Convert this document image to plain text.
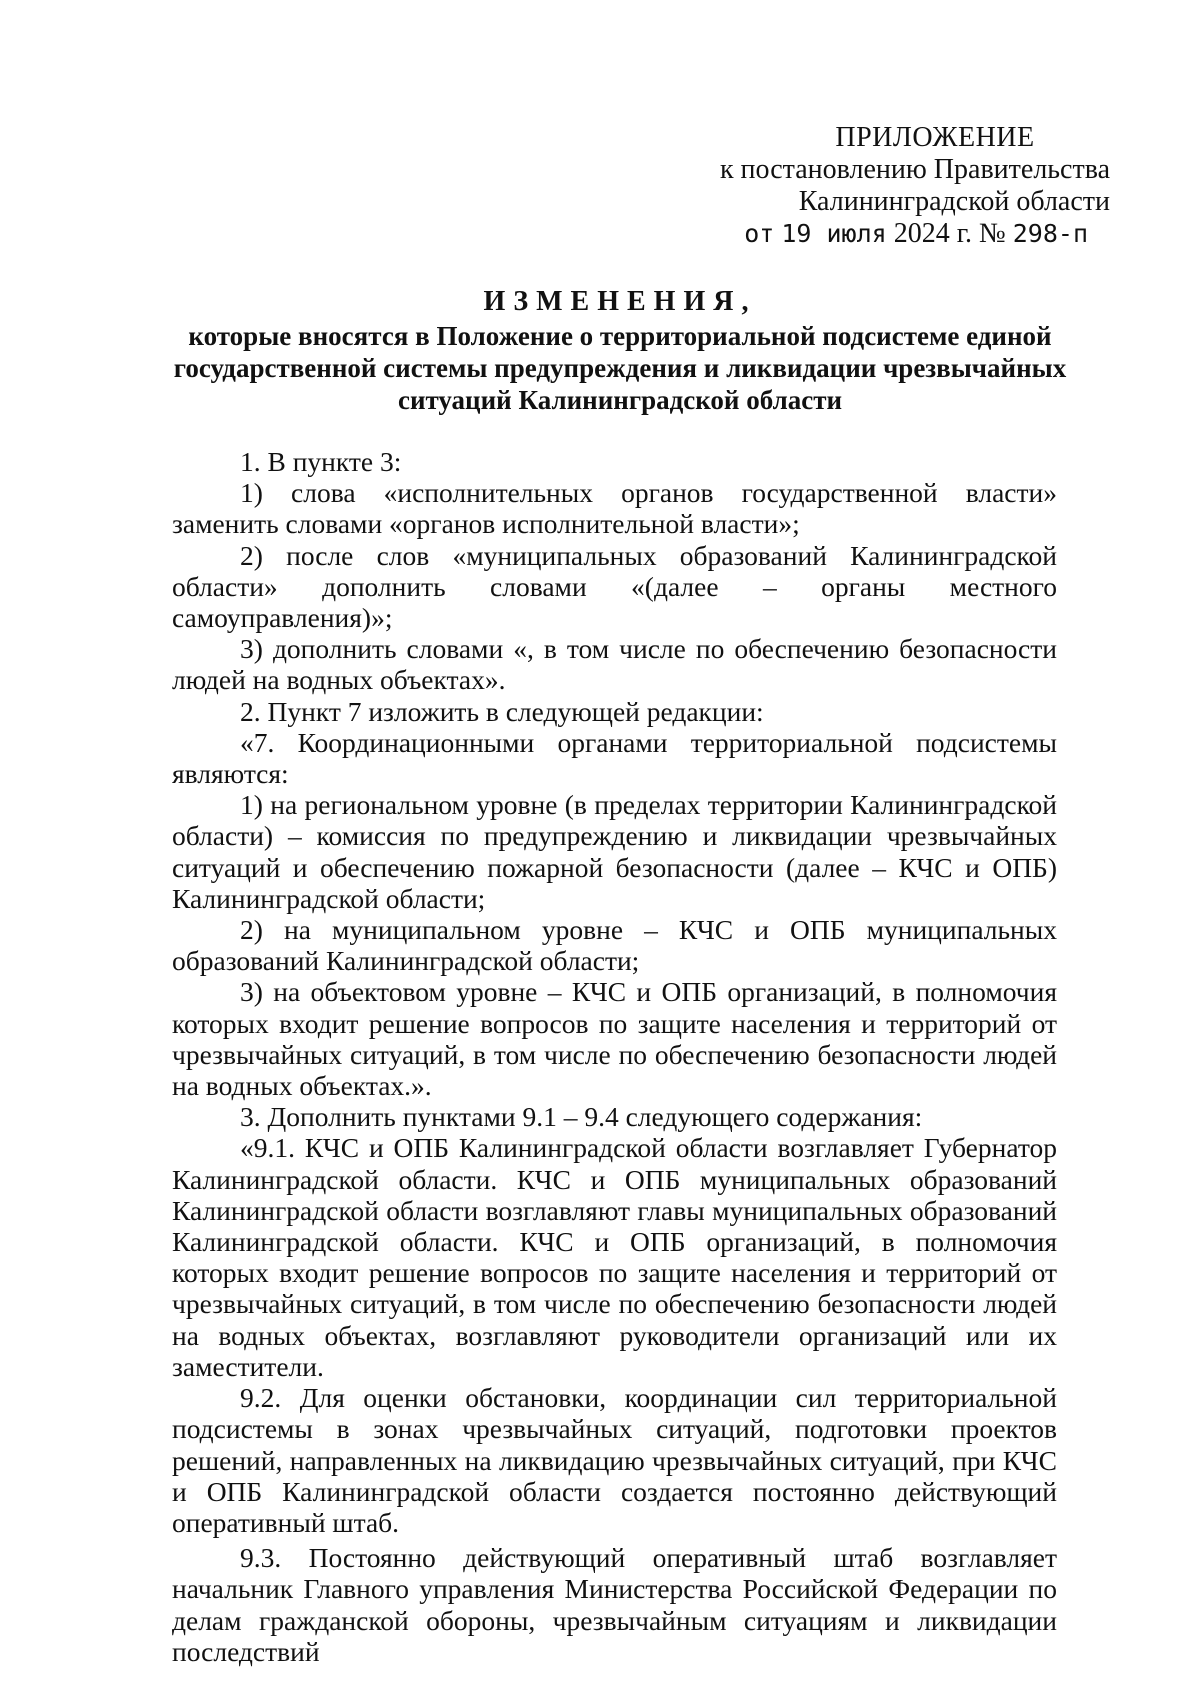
ПРИЛОЖЕНИЕ
к постановлению Правительства
Калининградской области
от 19 июля 2024 г. № 298-п
ИЗМЕНЕНИЯ,
которые вносятся в Положение о территориальной подсистеме единой государственной системы предупреждения и ликвидации чрезвычайных ситуаций Калининградской области

1. В пункте 3:

1) слова «исполнительных органов государственной власти» заменить словами «органов исполнительной власти»;

2) после слов «муниципальных образований Калининградской области» дополнить словами «(далее – органы местного самоуправления)»;

3) дополнить словами «, в том числе по обеспечению безопасности людей на водных объектах».

2. Пункт 7 изложить в следующей редакции:

«7. Координационными органами территориальной подсистемы являются:

1) на региональном уровне (в пределах территории Калининградской области) – комиссия по предупреждению и ликвидации чрезвычайных ситуаций и обеспечению пожарной безопасности (далее – КЧС и ОПБ) Калининградской области;

2) на муниципальном уровне – КЧС и ОПБ муниципальных образований Калининградской области;

3) на объектовом уровне – КЧС и ОПБ организаций, в полномочия которых входит решение вопросов по защите населения и территорий от чрезвычайных ситуаций, в том числе по обеспечению безопасности людей на водных объектах.».

3. Дополнить пунктами 9.1 – 9.4 следующего содержания:

«9.1. КЧС и ОПБ Калининградской области возглавляет Губернатор Калининградской области. КЧС и ОПБ муниципальных образований Калининградской области возглавляют главы муниципальных образований Калининградской области. КЧС и ОПБ организаций, в полномочия которых входит решение вопросов по защите населения и территорий от чрезвычайных ситуаций, в том числе по обеспечению безопасности людей на водных объектах, возглавляют руководители организаций или их заместители.

9.2. Для оценки обстановки, координации сил территориальной подсистемы в зонах чрезвычайных ситуаций, подготовки проектов решений, направленных на ликвидацию чрезвычайных ситуаций, при КЧС и ОПБ Калининградской области создается постоянно действующий оперативный штаб.

9.3. Постоянно действующий оперативный штаб возглавляет начальник Главного управления Министерства Российской Федерации по делам гражданской обороны, чрезвычайным ситуациям и ликвидации последствий
